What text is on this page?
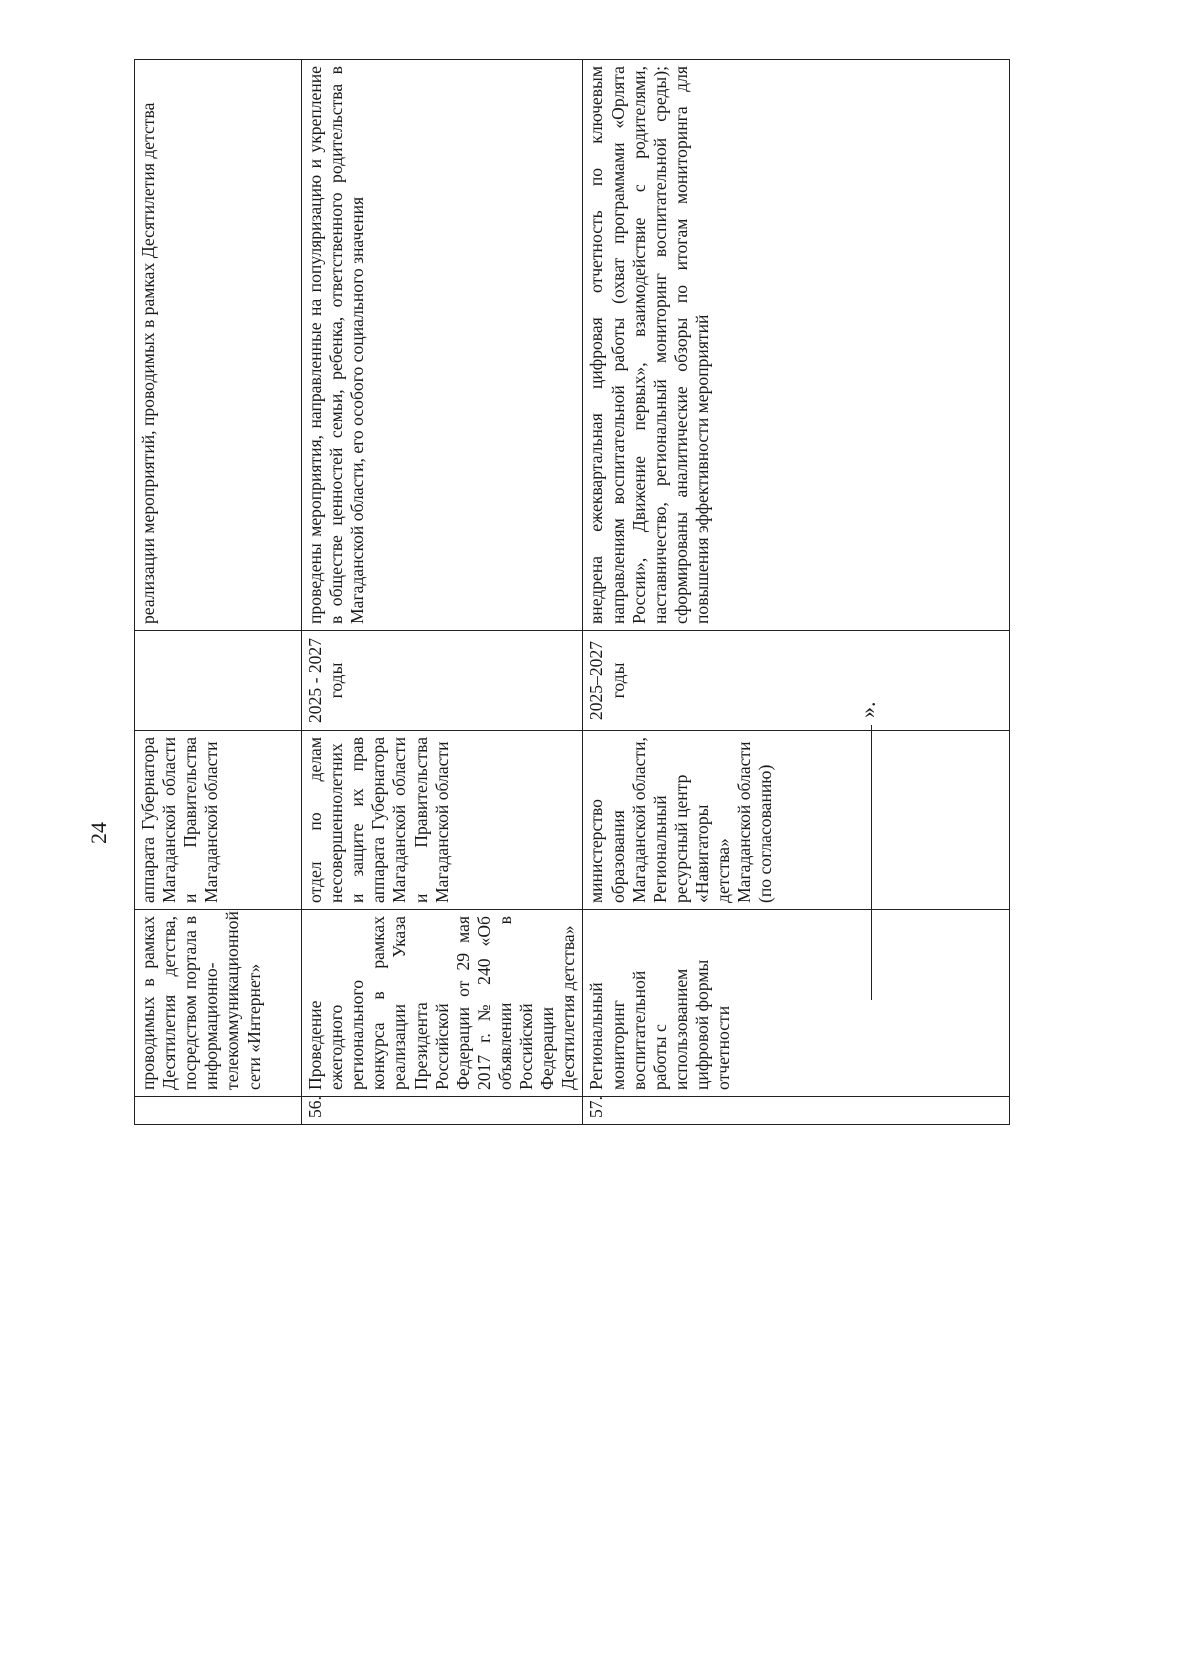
24
	проводимых в рамках Десятилетия детства, посредством портала в информационно-телекоммуникационной сети «Интернет»	аппарата Губернатора Магаданской области и Правительства Магаданской области		реализации мероприятий, проводимых в рамках Десятилетия детства
56.	Проведение ежегодного регионального конкурса в рамках реализации Указа Президента Российской Федерации от 29 мая 2017 г. № 240 «Об объявлении в Российской Федерации Десятилетия детства»	отдел по делам несовершеннолетних и защите их прав аппарата Губернатора Магаданской области и Правительства Магаданской области	2025 - 2027 годы	проведены мероприятия, направленные на популяризацию и укрепление в обществе ценностей семьи, ребенка, ответственного родительства в Магаданской области, его особого социального значения
57.	Региональный мониторинг воспитательной работы с использованием цифровой формы отчетности	министерство образования Магаданской области, Региональный ресурсный центр «Навигаторы детства» Магаданской области (по согласованию)	2025–2027 годы	внедрена ежеквартальная цифровая отчетность по ключевым направлениям воспитательной работы (охват программами «Орлята России», Движение первых», взаимодействие с родителями, наставничество, региональный мониторинг воспитательной среды); сформированы аналитические обзоры по итогам мониторинга для повышения эффективности мероприятий
».
